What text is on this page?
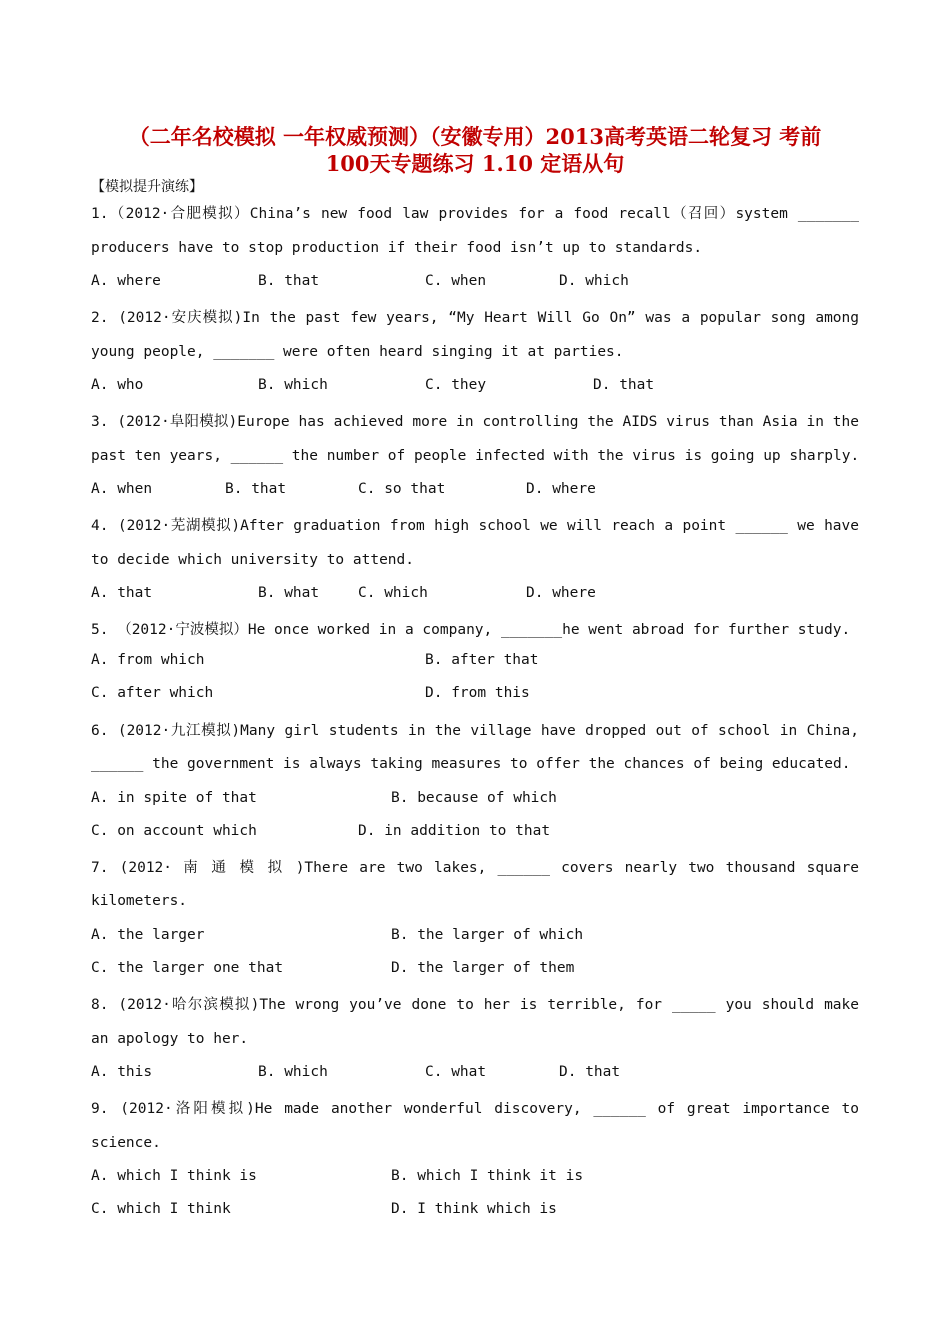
（二年名校模拟 一年权威预测）（安徽专用）2013高考英语二轮复习 考前
100天专题练习 1.10 定语从句
【模拟提升演练】
1.（2012·合肥模拟）China’s new food law provides for a food recall（召回）system _______
producers have to stop production if their food isn’t up to standards.
A. where	B. that	C. when	D. which
2. (2012·安庆模拟)In the past few years, “My Heart Will Go On” was a popular song among
young people, _______ were often heard singing it at parties.
A. who	B. which	C. they	D. that
3. (2012·阜阳模拟)Europe has achieved more in controlling the AIDS virus than Asia in the
past ten years, ______ the number of people infected with the virus is going up sharply.
A. when	B. that	C. so that	D. where
4. (2012·芜湖模拟)After graduation from high school we will reach a point ______ we have
to decide which university to attend.
A. that	B. what	C. which	D. where
5. （2012·宁波模拟）He once worked in a company, _______he went abroad for further study.
A. from which	B. after that
C. after which	D. from this
6. (2012·九江模拟)Many girl students in the village have dropped out of school in China,
______ the government is always taking measures to offer the chances of being educated.
A. in spite of that	B. because of which
C. on account which	D. in addition to that
7. (2012· 南 通 模 拟 )There are two lakes, ______ covers nearly two thousand square
kilometers.
A. the larger	B. the larger of which
C. the larger one that	D. the larger of them
8. (2012·哈尔滨模拟)The wrong you’ve done to her is terrible, for _____ you should make
an apology to her.
A. this	B. which	C. what	D. that
9. (2012·洛阳模拟)He made another wonderful discovery, ______ of great importance to
science.
A. which I think is	B. which I think it is
C. which I think	D. I think which is
